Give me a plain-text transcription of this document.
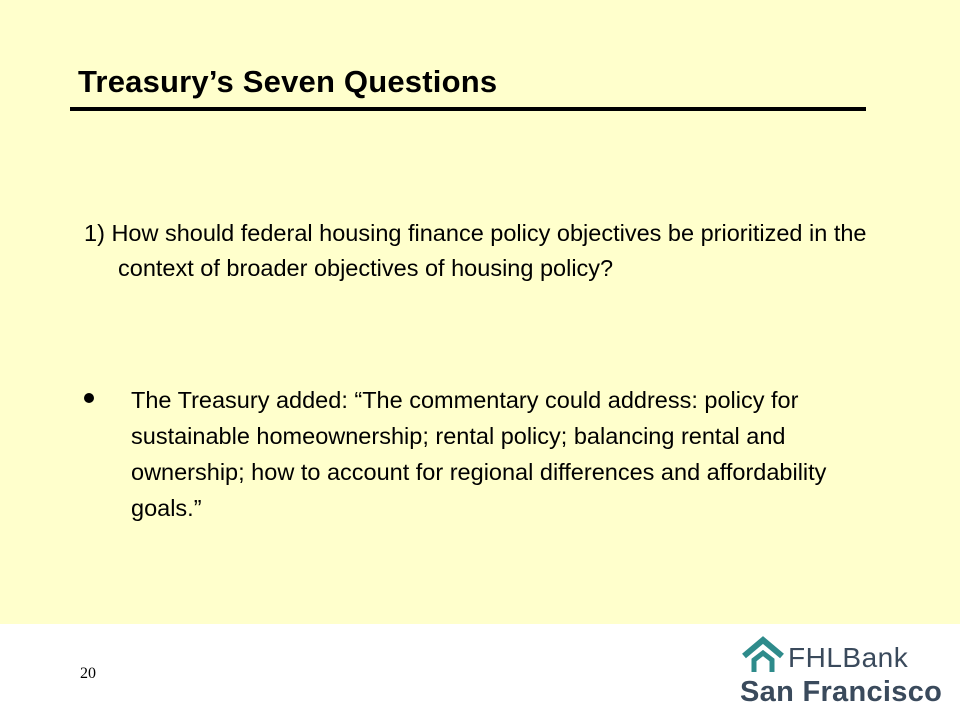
Treasury’s Seven Questions
1) How should federal housing finance policy objectives be prioritized in the context of broader objectives of housing policy?
The Treasury added: “The commentary could address: policy for sustainable homeownership; rental policy; balancing rental and ownership; how to account for regional differences and affordability goals.”
20
FHLBank
San Francisco
